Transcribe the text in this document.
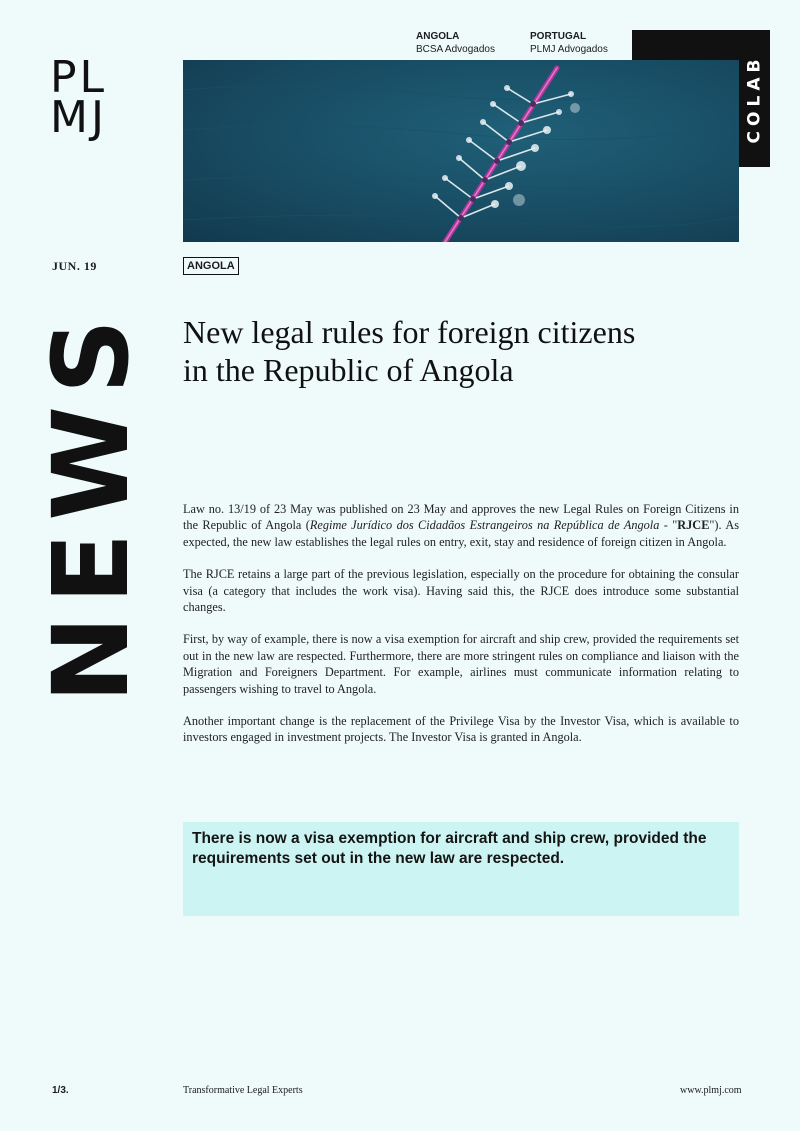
PL
MJ
ANGOLA
BCSA Advogados
PORTUGAL
PLMJ Advogados
COLAB
JUN. 19	ANGOLA
NEWS New legal rules for foreign citizens
in the Republic of Angola

Law no. 13/19 of 23 May was published on 23 May and approves the new Legal Rules on Foreign Citizens in the Republic of Angola (Regime Jurídico dos Cidadãos Estrangeiros na República de Angola - "RJCE"). As expected, the new law establishes the legal rules on entry, exit, stay and residence of foreign citizen in Angola.

The RJCE retains a large part of the previous legislation, especially on the procedure for obtaining the consular visa (a category that includes the work visa). Having said this, the RJCE does introduce some substantial changes.

First, by way of example, there is now a visa exemption for aircraft and ship crew, provided the requirements set out in the new law are respected. Furthermore, there are more stringent rules on compliance and liaison with the Migration and Foreigners Department. For example, airlines must communicate information relating to passengers wishing to travel to Angola.

Another important change is the replacement of the Privilege Visa by the Investor Visa, which is available to investors engaged in investment projects. The Investor Visa is granted in Angola.

There is now a visa exemption for aircraft and ship crew, provided the requirements set out in the new law are respected.
1/3.	Transformative Legal Experts	www.plmj.com
